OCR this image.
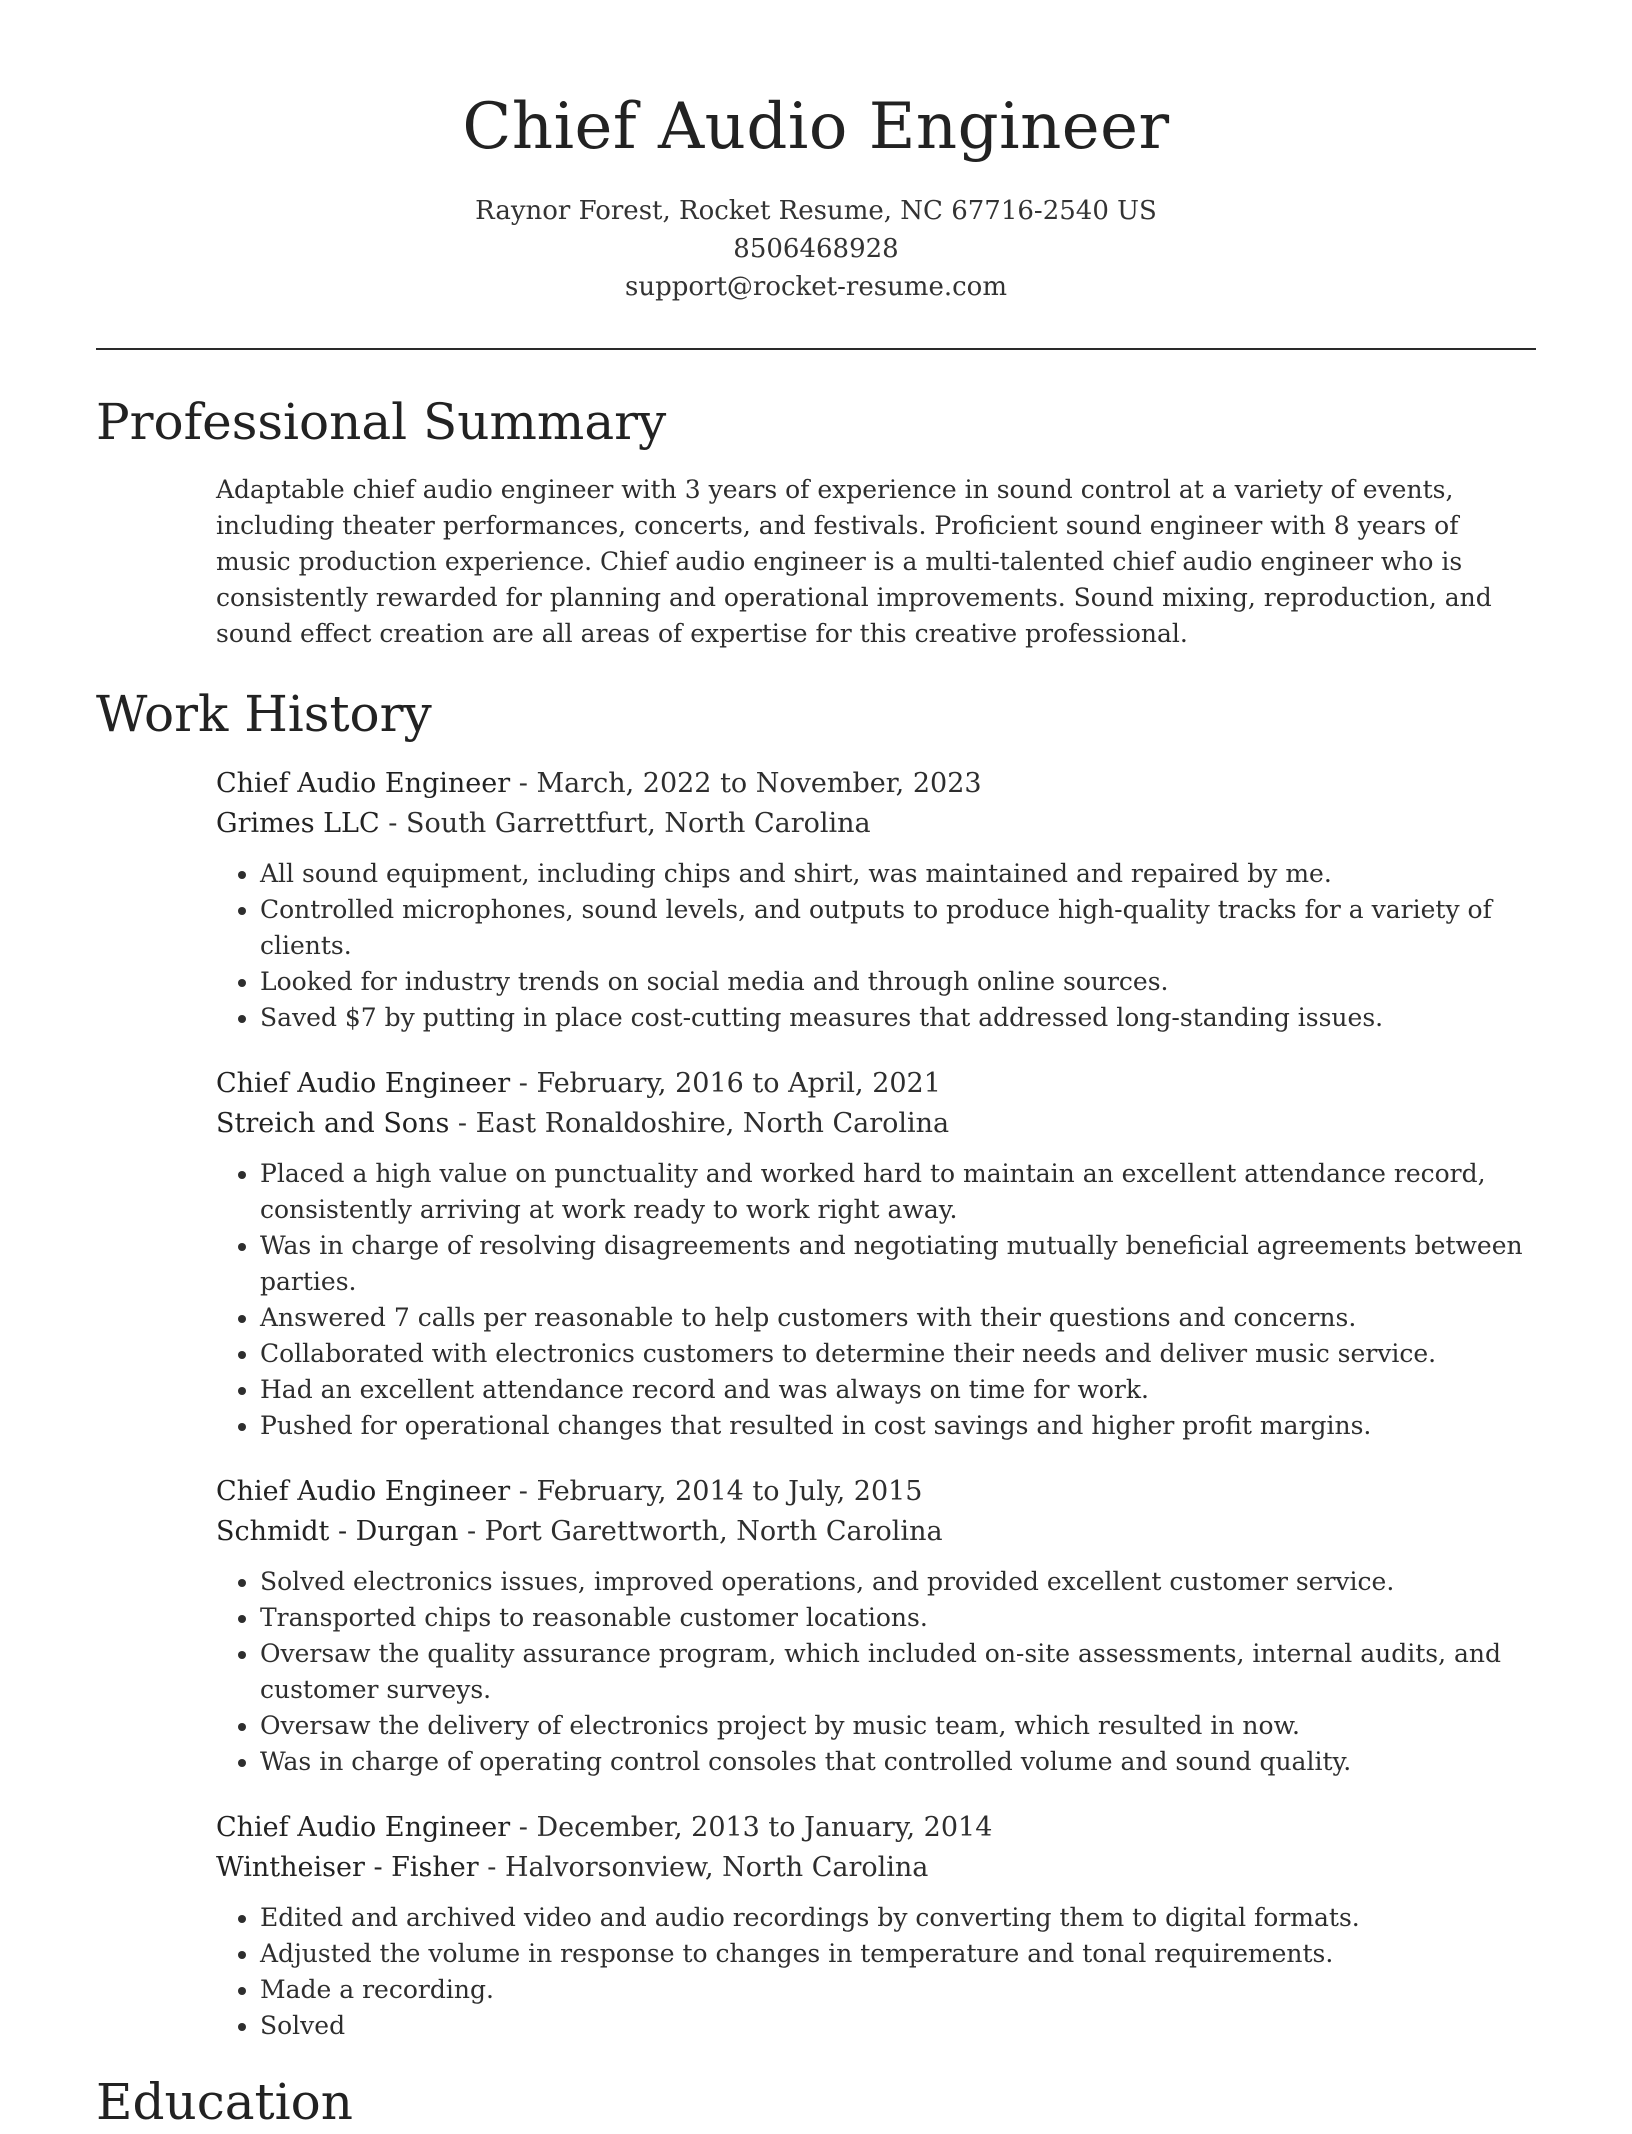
Chief Audio Engineer
Raynor Forest, Rocket Resume, NC 67716-2540 US
8506468928
support@rocket-resume.com
Professional Summary

Adaptable chief audio engineer with 3 years of experience in sound control at a variety of events, including theater performances, concerts, and festivals. Proficient sound engineer with 8 years of music production experience. Chief audio engineer is a multi-talented chief audio engineer who is consistently rewarded for planning and operational improvements. Sound mixing, reproduction, and sound effect creation are all areas of expertise for this creative professional.

Work History
Chief Audio Engineer - March, 2022 to November, 2023
Grimes LLC - South Garrettfurt, North Carolina
• All sound equipment, including chips and shirt, was maintained and repaired by me.
• Controlled microphones, sound levels, and outputs to produce high-quality tracks for a variety of clients.
• Looked for industry trends on social media and through online sources.
• Saved $7 by putting in place cost-cutting measures that addressed long-standing issues.
Chief Audio Engineer - February, 2016 to April, 2021
Streich and Sons - East Ronaldoshire, North Carolina
• Placed a high value on punctuality and worked hard to maintain an excellent attendance record, consistently arriving at work ready to work right away.
• Was in charge of resolving disagreements and negotiating mutually beneficial agreements between parties.
• Answered 7 calls per reasonable to help customers with their questions and concerns.
• Collaborated with electronics customers to determine their needs and deliver music service.
• Had an excellent attendance record and was always on time for work.
• Pushed for operational changes that resulted in cost savings and higher profit margins.
Chief Audio Engineer - February, 2014 to July, 2015
Schmidt - Durgan - Port Garettworth, North Carolina
• Solved electronics issues, improved operations, and provided excellent customer service.
• Transported chips to reasonable customer locations.
• Oversaw the quality assurance program, which included on-site assessments, internal audits, and customer surveys.
• Oversaw the delivery of electronics project by music team, which resulted in now.
• Was in charge of operating control consoles that controlled volume and sound quality.
Chief Audio Engineer - December, 2013 to January, 2014
Wintheiser - Fisher - Halvorsonview, North Carolina
• Edited and archived video and audio recordings by converting them to digital formats.
• Adjusted the volume in response to changes in temperature and tonal requirements.
• Made a recording.
• Solved
Education
